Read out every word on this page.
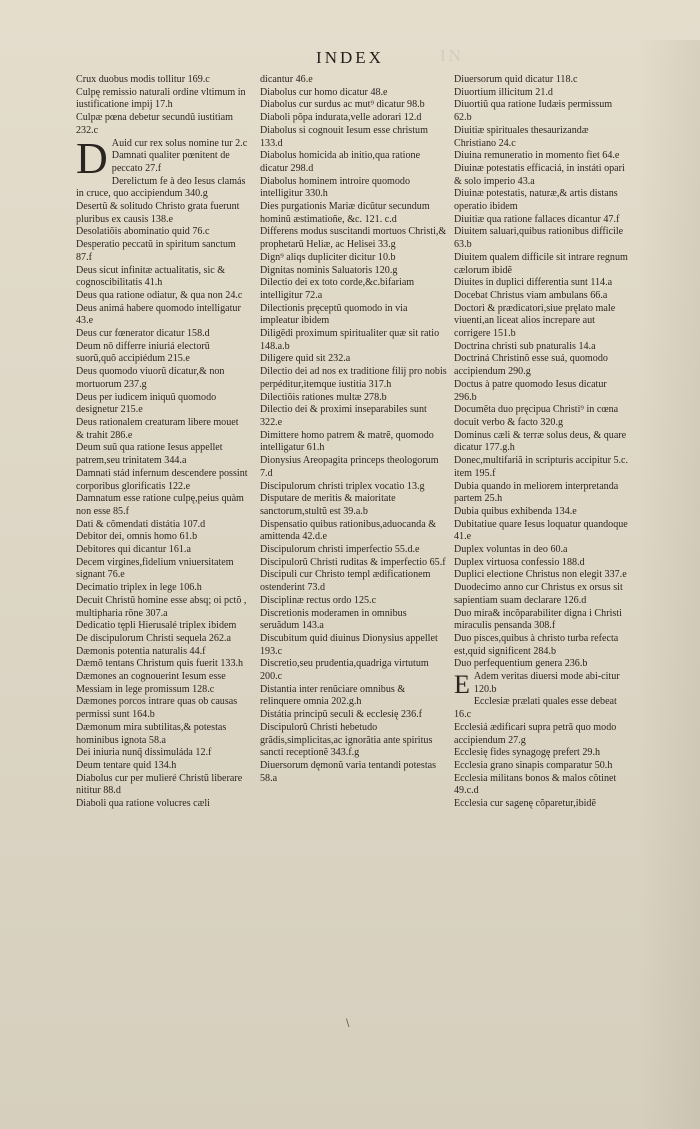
INDEX	IN

Crux duobus modis tollitur 169.c

Culpę remissio naturali ordine vltimum in iustificatione impij 17.h

Culpæ pœna debetur secundũ iustitiam 232.c

D Auid cur rex solus nomine tur 2.c

Damnati qualiter pœnitent de peccato 27.f

Derelictum fe à deo Iesus clamás in cruce, quo accipiendum 340.g

Desertũ & solitudo Christo grata fuerunt pluribus ex causis 138.e

Desolatiõis abominatio quid 76.c

Desperatio peccatũ in spiritum sanctum 87.f

Deus sicut infinitæ actualitatis, sic & cognoscibilitatis 41.h

Deus qua ratione odiatur, & qua non 24.c

Deus animá habere quomodo intelligatur 43.e

Deus cur fœnerator dicatur 158.d

Deum nõ differre iniuriá electorũ suorũ,quõ accipiédum 215.e

Deus quomodo viuorũ dicatur,& non mortuorum 237.g

Deus per iudicem iniquũ quomodo designetur 215.e

Deus rationalem creaturam libere mouet & trahit 286.e

Deum suũ qua ratione Iesus appellet patrem,seu trinitatem 344.a

Damnati stád infernum descendere possint corporibus glorificatis 122.e

Damnatum esse ratione culpę,peius quàm non esse 85.f

Dati & cõmendati distátia 107.d

Debitor dei, omnis homo 61.b

Debitores qui dicantur 161.a

Decem virgines,fidelium vniuersitatem signant 76.e

Decimatio triplex in lege 106.h

Decuit Christũ homine esse absq; oi pctõ , multipharia rõne 307.a

Dedicatio tępli Hierusalé triplex ibidem

De discipulorum Christi sequela 262.a

Dæmonis potentia naturalis 44.f

Dæmõ tentans Christum quis fuerit 133.h

Dæmones an cognouerint Iesum esse Messiam in lege promissum 128.c

Dæmones porcos intrare quas ob causas permissi sunt 164.b

Dæmonum mira subtilitas,& potestas hominibus ignota 58.a

Dei iniuria nunq̃ dissimuláda 12.f

Deum tentare quid 134.h

Diabolus cur per mulieré Christũ liberare nititur 88.d

Diaboli qua ratione volucres cæli

dicantur 46.e

Diabolus cur homo dicatur 48.e

Diabolus cur surdus ac mut⁹ dicatur 98.b

Diaboli põpa indurata,velle adorari 12.d

Diabolus si cognouit Iesum esse christum 133.d

Diabolus homicida ab initio,qua ratione dicatur 298.d

Diabolus hominem introire quomodo intelligitur 330.h

Dies purgationis Mariæ dicũtur secundum hominũ æstimatioñe, &c. 121. c.d

Differens modus suscitandi mortuos Christi,& prophetarũ Heliæ, ac Helisei 33.g

Dign⁹ aliqs dupliciter dicitur 10.b

Dignitas nominis Saluatoris 120.g

Dilectio dei ex toto corde,&c.bifariam intelligitur 72.a

Dilectionis pręceptũ quomodo in via impleatur ibidem

Diligẽdi proximum spiritualiter quæ sit ratio 148.a.b

Diligere quid sit 232.a

Dilectio dei ad nos ex traditione filij pro nobis perpéditur,itemque iustitia 317.h

Dilectiõis rationes multæ 278.b

Dilectio dei & proximi inseparabiles sunt 322.e

Dimittere homo patrem & matrẽ, quomodo intelligatur 61.h

Dionysius Areopagita princeps theologorum 7.d

Discipulorum christi triplex vocatio 13.g

Disputare de meritis & maioritate sanctorum,stultũ est 39.a.b

Dispensatio quibus rationibus,aduocanda & amittenda 42.d.e

Discipulorum christi imperfectio 55.d.e

Discipulorũ Christi ruditas & imperfectio 65.f

Discipuli cur Christo templ ædificationem ostenderint 73.d

Disciplinæ rectus ordo 125.c

Discretionis moderamen in omnibus seruãdum 143.a

Discubitum quid diuinus Dionysius appellet 193.c

Discretio,seu prudentia,quadriga virtutum 200.c

Distantia inter renũciare omnibus & relinquere omnia 202.g.h

Distátia principũ seculi & ecclesię 236.f

Discipulorũ Christi hebetudo grãdis,simplicitas,ac ignorãtia ante spiritus sancti receptionẽ 343.f.g

Diuersorum dęmonũ varia tentandi potestas 58.a

Diuersorum quid dicatur 118.c

Diuortium illicitum 21.d

Diuortiũ qua ratione Iudæis permissum 62.b

Diuitiæ spirituales thesaurizandæ Christiano 24.c

Diuina remuneratio in momento fiet 64.e

Diuinæ potestatis efficaciá, in instáti opari & solo imperio 43.a

Diuinæ potestatis, naturæ,& artis distans operatio ibidem

Diuitiæ qua ratione fallaces dicantur 47.f

Diuitem saluari,quibus rationibus difficile 63.b

Diuitem qualem difficile sit intrare regnum cælorum ibidẽ

Diuites in duplici differentia sunt 114.a

Docebat Christus viam ambulans 66.a

Doctori & prædicatori,siue pręlato male viuenti,an liceat alios increpare aut corrigere 151.b

Doctrina christi sub pnaturalis 14.a

Doctriná Christinõ esse suá, quomodo accipiendum 290.g

Doctus à patre quomodo Iesus dicatur 296.b

Documẽta duo pręcipua Christi⁹ in cœna docuit verbo & facto 320.g

Dominus cæli & terræ solus deus, & quare dicatur 177.g.h

Donec,multifariã in scripturis accipitur 5.c. item 195.f

Dubia quando in meliorem interpretanda partem 25.h

Dubia quibus exhibenda 134.e

Dubitatiue quare Iesus loquatur quandoque 41.e

Duplex voluntas in deo 60.a

Duplex virtuosa confessio 188.d

Duplici electione Christus non elegit 337.e

Duodecimo anno cur Christus ex orsus sit sapientiam suam declarare 126.d

Duo mira& incõparabiliter digna i Christi miraculis pensanda 308.f

Duo pisces,quibus à christo turba refecta est,quid significent 284.b

Duo perfequentium genera 236.b

E Adem veritas diuersi mode abi-citur 120.b

Ecclesiæ prælati quales esse debeat 16.c

Ecclesiá ædificari supra petrã quo modo accipiendum 27.g

Ecclesię fides synagogę prefert 29.h

Ecclesia grano sinapis comparatur 50.h

Ecclesia militans bonos & malos cõtinet 49.c.d

Ecclesia cur sagenę cõparetur,ibidẽ

\
